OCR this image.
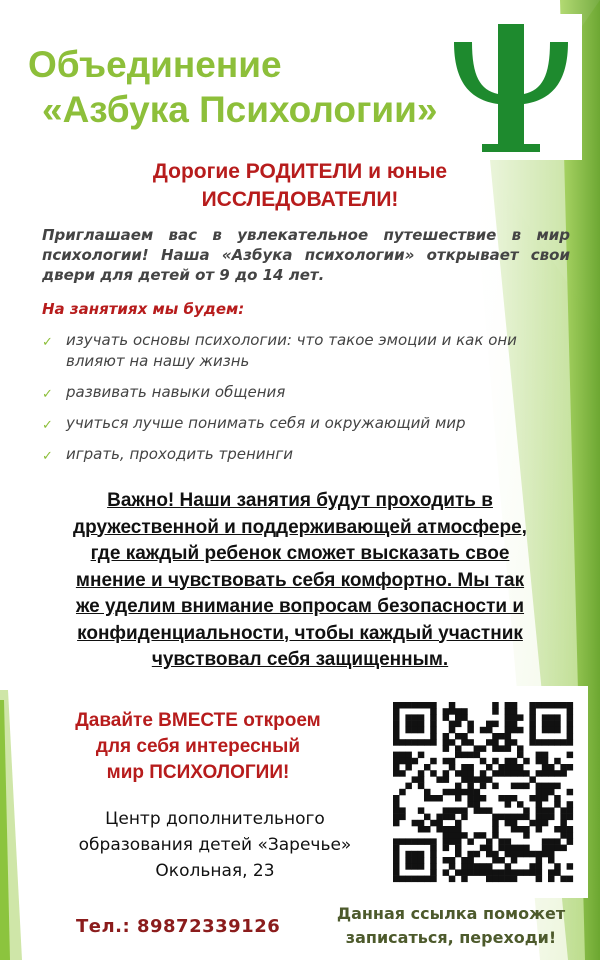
Объединение
«Азбука Психологии»
Дорогие РОДИТЕЛИ и юные
ИССЛЕДОВАТЕЛИ!
Приглашаем вас в увлекательное путешествие в мир психологии! Наша «Азбука психологии» открывает свои двери для детей от 9 до 14 лет.
На занятиях мы будем:
✓ изучать основы психологии: что такое эмоции и как они влияют на нашу жизнь
✓ развивать навыки общения
✓ учиться лучше понимать себя и окружающий мир
✓ играть, проходить тренинги
Важно! Наши занятия будут проходить в
дружественной и поддерживающей атмосфере,
где каждый ребенок сможет высказать свое
мнение и чувствовать себя комфортно. Мы так
же уделим внимание вопросам безопасности и
конфиденциальности, чтобы каждый участник
чувствовал себя защищенным.
Давайте ВМЕСТЕ откроем
для себя интересный
мир ПСИХОЛОГИИ!
Центр дополнительного
образования детей «Заречье»
Окольная, 23
Тел.: 89872339126
Данная ссылка поможет
записаться, переходи!
